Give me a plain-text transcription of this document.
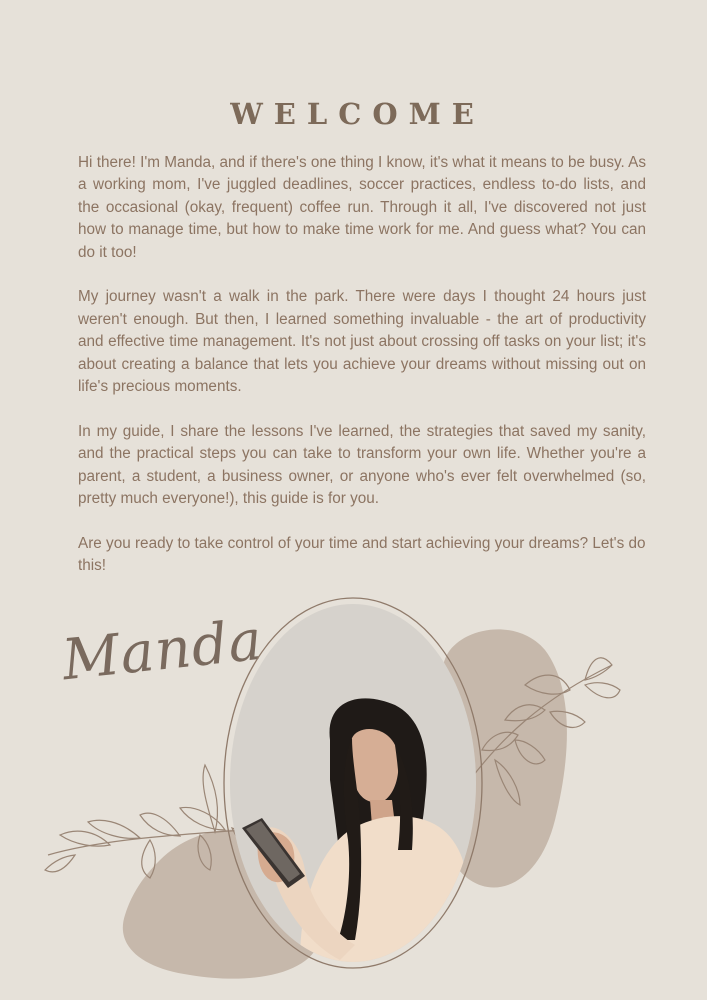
WELCOME

Hi there! I'm Manda, and if there's one thing I know, it's what it means to be busy. As a working mom, I've juggled deadlines, soccer practices, endless to-do lists, and the occasional (okay, frequent) coffee run. Through it all, I've discovered not just how to manage time, but how to make time work for me. And guess what? You can do it too!

My journey wasn't a walk in the park. There were days I thought 24 hours just weren't enough. But then, I learned something invaluable - the art of productivity and effective time management. It's not just about crossing off tasks on your list; it's about creating a balance that lets you achieve your dreams without missing out on life's precious moments.

In my guide, I share the lessons I've learned, the strategies that saved my sanity, and the practical steps you can take to transform your own life. Whether you're a parent, a student, a business owner, or anyone who's ever felt overwhelmed (so, pretty much everyone!), this guide is for you.

Are you ready to take control of your time and start achieving your dreams? Let's do this!

Manda
